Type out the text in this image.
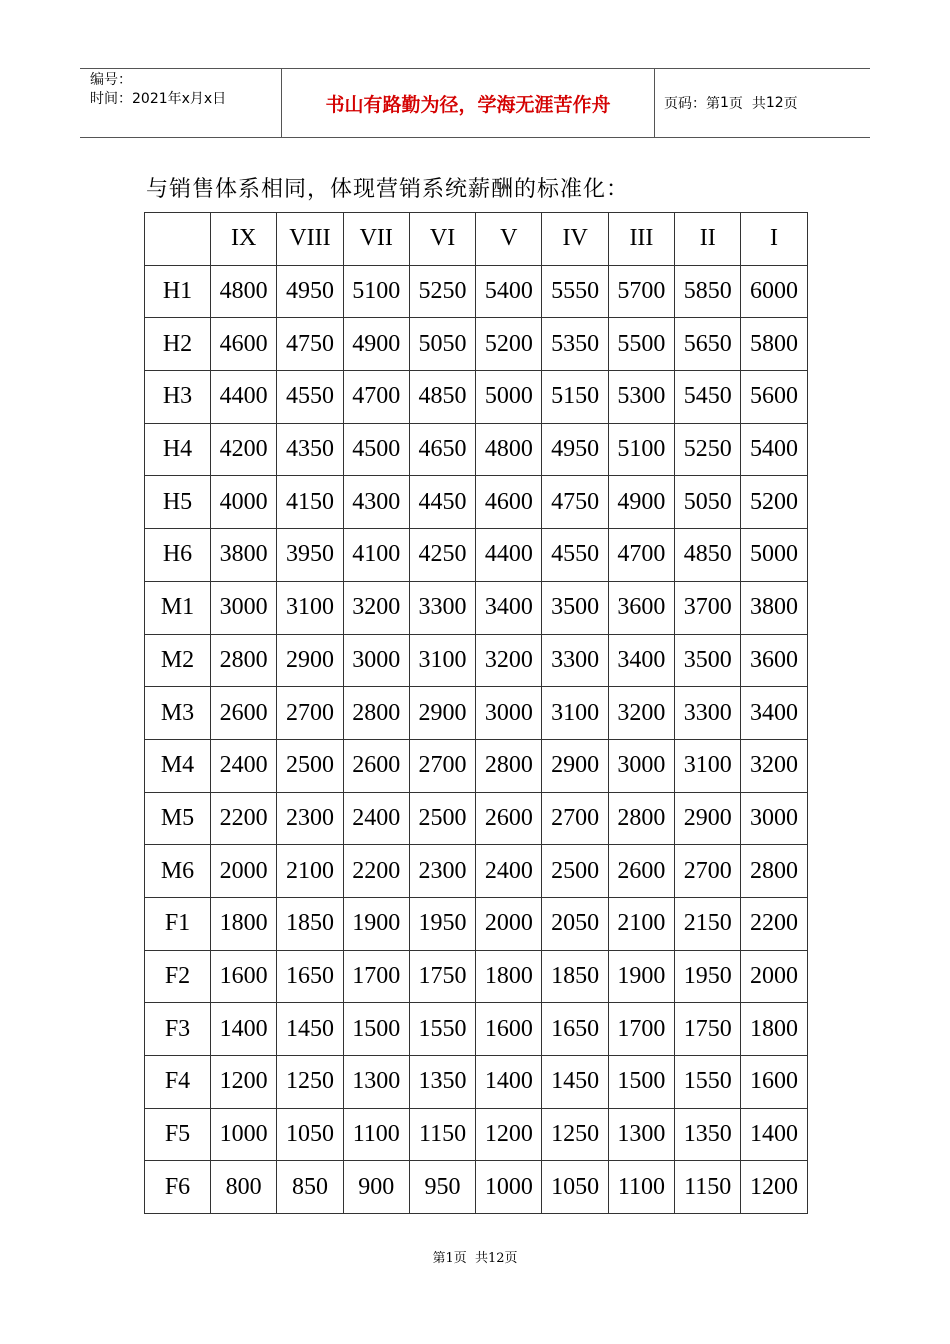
编号：
时间：2021年x月x日	书山有路勤为径，学海无涯苦作舟	页码：第 1 页  共 12 页
与销售体系相同，体现营销系统薪酬的标准化：
	IX	VIII	VII	VI	V	IV	III	II	I
H1	4800	4950	5100	5250	5400	5550	5700	5850	6000
H2	4600	4750	4900	5050	5200	5350	5500	5650	5800
H3	4400	4550	4700	4850	5000	5150	5300	5450	5600
H4	4200	4350	4500	4650	4800	4950	5100	5250	5400
H5	4000	4150	4300	4450	4600	4750	4900	5050	5200
H6	3800	3950	4100	4250	4400	4550	4700	4850	5000
M1	3000	3100	3200	3300	3400	3500	3600	3700	3800
M2	2800	2900	3000	3100	3200	3300	3400	3500	3600
M3	2600	2700	2800	2900	3000	3100	3200	3300	3400
M4	2400	2500	2600	2700	2800	2900	3000	3100	3200
M5	2200	2300	2400	2500	2600	2700	2800	2900	3000
M6	2000	2100	2200	2300	2400	2500	2600	2700	2800
F1	1800	1850	1900	1950	2000	2050	2100	2150	2200
F2	1600	1650	1700	1750	1800	1850	1900	1950	2000
F3	1400	1450	1500	1550	1600	1650	1700	1750	1800
F4	1200	1250	1300	1350	1400	1450	1500	1550	1600
F5	1000	1050	1100	1150	1200	1250	1300	1350	1400
F6	800	850	900	950	1000	1050	1100	1150	1200
第1页  共12页
